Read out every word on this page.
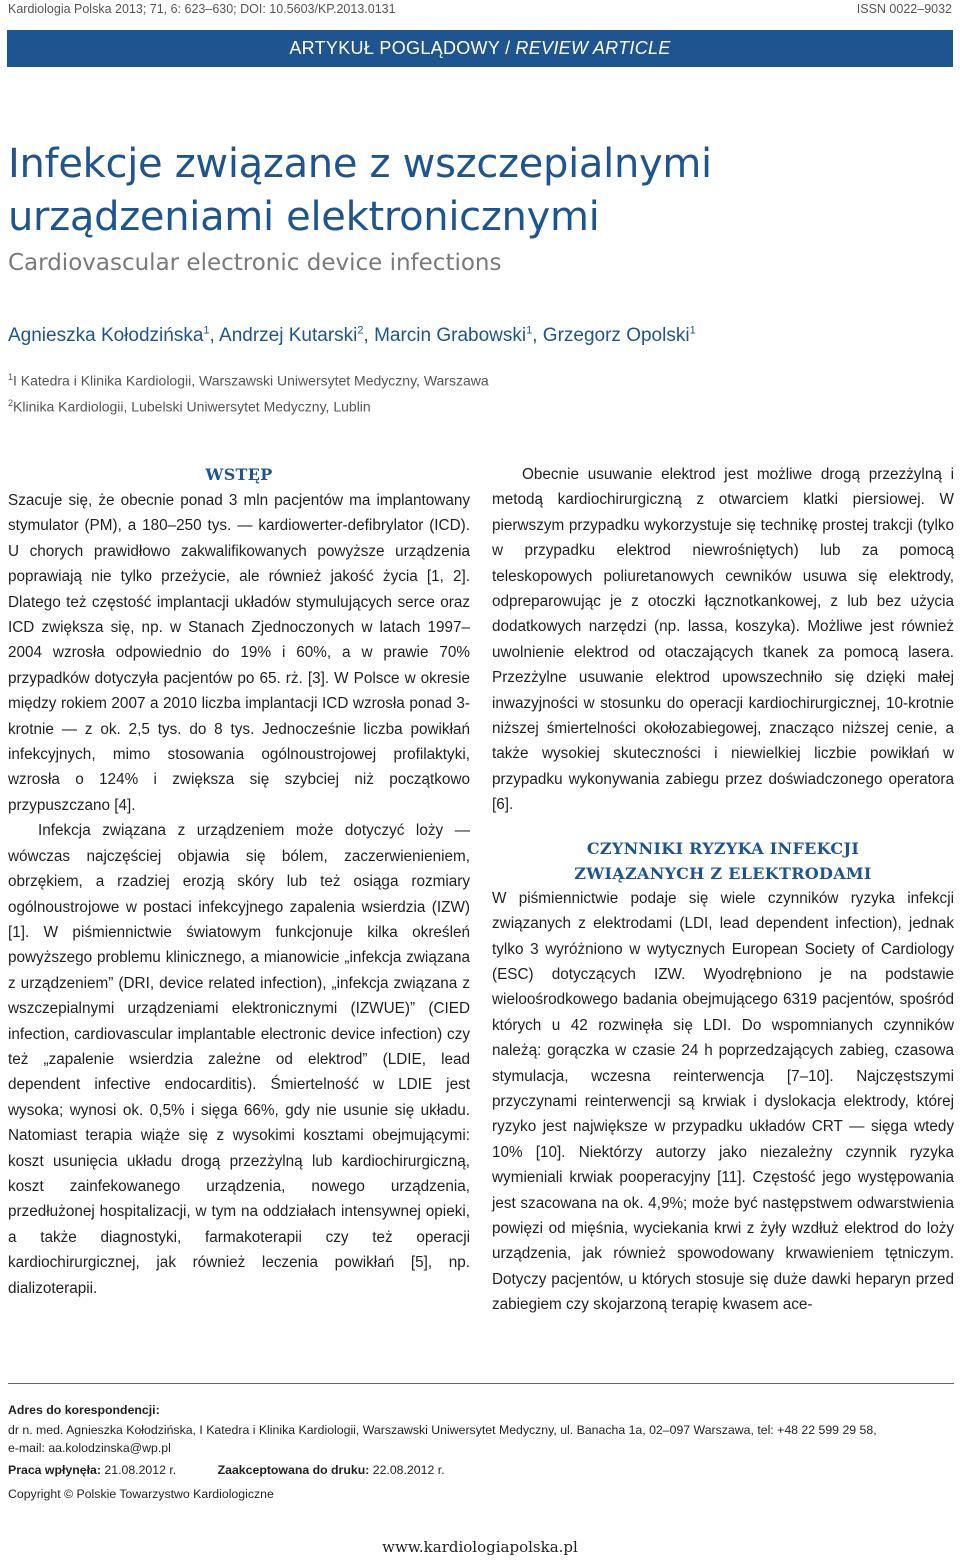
Kardiologia Polska 2013; 71, 6: 623–630; DOI: 10.5603/KP.2013.0131	ISSN 0022–9032
ARTYKUŁ POGLĄDOWY / REVIEW ARTICLE
Infekcje związane z wszczepialnymi urządzeniami elektronicznymi
Cardiovascular electronic device infections
Agnieszka Kołodzińska$^1$, Andrzej Kutarski$^2$, Marcin Grabowski$^1$, Grzegorz Opolski$^1$
$^1$I Katedra i Klinika Kardiologii, Warszawski Uniwersytet Medyczny, Warszawa
$^2$Klinika Kardiologii, Lubelski Uniwersytet Medyczny, Lublin
WSTĘP

Szacuje się, że obecnie ponad 3 mln pacjentów ma implantowany stymulator (PM), a 180–250 tys. — kardiowerter-defibrylator (ICD). U chorych prawidłowo zakwalifikowanych powyższe urządzenia poprawiają nie tylko przeżycie, ale również jakość życia [1, 2]. Dlatego też częstość implantacji układów stymulujących serce oraz ICD zwiększa się, np. w Stanach Zjednoczonych w latach 1997–2004 wzrosła odpowiednio do 19% i 60%, a w prawie 70% przypadków dotyczyła pacjentów po 65. rż. [3]. W Polsce w okresie między rokiem 2007 a 2010 liczba implantacji ICD wzrosła ponad 3-krotnie — z ok. 2,5 tys. do 8 tys. Jednocześnie liczba powikłań infekcyjnych, mimo stosowania ogólnoustrojowej profilaktyki, wzrosła o 124% i zwiększa się szybciej niż początkowo przypuszczano [4].

Infekcja związana z urządzeniem może dotyczyć loży — wówczas najczęściej objawia się bólem, zaczerwienieniem, obrzękiem, a rzadziej erozją skóry lub też osiąga rozmiary ogólnoustrojowe w postaci infekcyjnego zapalenia wsierdzia (IZW) [1]. W piśmiennictwie światowym funkcjonuje kilka określeń powyższego problemu klinicznego, a mianowicie „infekcja związana z urządzeniem” (DRI, device related infection), „infekcja związana z wszczepialnymi urządzeniami elektronicznymi (IZWUE)” (CIED infection, cardiovascular implantable electronic device infection) czy też „zapalenie wsierdzia zależne od elektrod” (LDIE, lead dependent infective endocarditis). Śmiertelność w LDIE jest wysoka; wynosi ok. 0,5% i sięga 66%, gdy nie usunie się układu. Natomiast terapia wiąże się z wysokimi kosztami obejmującymi: koszt usunięcia układu drogą przezżylną lub kardiochirurgiczną, koszt zainfekowanego urządzenia, nowego urządzenia, przedłużonej hospitalizacji, w tym na oddziałach intensywnej opieki, a także diagnostyki, farmakoterapii czy też operacji kardiochirurgicznej, jak również leczenia powikłań [5], np. dializoterapii.

Obecnie usuwanie elektrod jest możliwe drogą przezżylną i metodą kardiochirurgiczną z otwarciem klatki piersiowej. W pierwszym przypadku wykorzystuje się technikę prostej trakcji (tylko w przypadku elektrod niewrośniętych) lub za pomocą teleskopowych poliuretanowych cewników usuwa się elektrody, odpreparowując je z otoczki łącznotkankowej, z lub bez użycia dodatkowych narzędzi (np. lassa, koszyka). Możliwe jest również uwolnienie elektrod od otaczających tkanek za pomocą lasera. Przezżylne usuwanie elektrod upowszechniło się dzięki małej inwazyjności w stosunku do operacji kardiochirurgicznej, 10-krotnie niższej śmiertelności okołozabiegowej, znacząco niższej cenie, a także wysokiej skuteczności i niewielkiej liczbie powikłań w przypadku wykonywania zabiegu przez doświadczonego operatora [6].

CZYNNIKI RYZYKA INFEKCJI
ZWIĄZANYCH Z ELEKTRODAMI

W piśmiennictwie podaje się wiele czynników ryzyka infekcji związanych z elektrodami (LDI, lead dependent infection), jednak tylko 3 wyróżniono w wytycznych European Society of Cardiology (ESC) dotyczących IZW. Wyodrębniono je na podstawie wieloośrodkowego badania obejmującego 6319 pacjentów, spośród których u 42 rozwinęła się LDI. Do wspomnianych czynników należą: gorączka w czasie 24 h poprzedzających zabieg, czasowa stymulacja, wczesna reinterwencja [7–10]. Najczęstszymi przyczynami reinterwencji są krwiak i dyslokacja elektrody, której ryzyko jest największe w przypadku układów CRT — sięga wtedy 10% [10]. Niektórzy autorzy jako niezależny czynnik ryzyka wymieniali krwiak pooperacyjny [11]. Częstość jego występowania jest szacowana na ok. 4,9%; może być następstwem odwarstwienia powięzi od mięśnia, wyciekania krwi z żyły wzdłuż elektrod do loży urządzenia, jak również spowodowany krwawieniem tętniczym. Dotyczy pacjentów, u których stosuje się duże dawki heparyn przed zabiegiem czy skojarzoną terapię kwasem ace-

Adres do korespondencji:
dr n. med. Agnieszka Kołodzińska, I Katedra i Klinika Kardiologii, Warszawski Uniwersytet Medyczny, ul. Banacha 1a, 02–097 Warszawa, tel: +48 22 599 29 58,
e-mail: aa.kolodzinska@wp.pl
Praca wpłynęła: 21.08.2012 r.	Zaakceptowana do druku: 22.08.2012 r.
Copyright © Polskie Towarzystwo Kardiologiczne
www.kardiologiapolska.pl
